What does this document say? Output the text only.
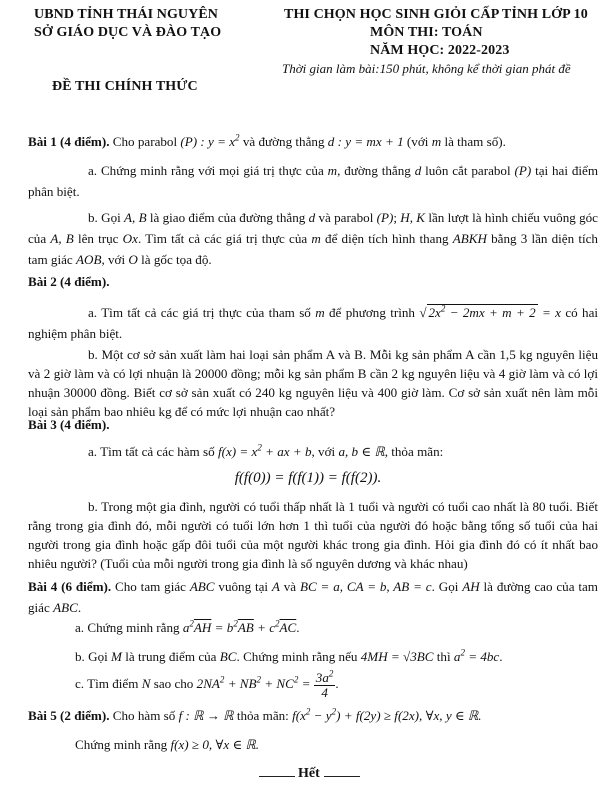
UBND TỈNH THÁI NGUYÊN
SỞ GIÁO DỤC VÀ ĐÀO TẠO
ĐỀ THI CHÍNH THỨC
THI CHỌN HỌC SINH GIỎI CẤP TỈNH LỚP 10
MÔN THI: TOÁN
NĂM HỌC: 2022-2023
Thời gian làm bài:150 phút, không kể thời gian phát đề
Bài 1 (4 điểm). Cho parabol (P) : $y = x^2$ và đường thẳng d : y = mx + 1 (với m là tham số).
a. Chứng minh rằng với mọi giá trị thực của m, đường thẳng d luôn cắt parabol (P) tại hai điểm phân biệt.
b. Gọi A, B là giao điểm của đường thẳng d và parabol (P); H, K lần lượt là hình chiếu vuông góc của A, B lên trục Ox. Tìm tất cả các giá trị thực của m để diện tích hình thang ABKH bằng 3 lần diện tích tam giác AOB, với O là gốc tọa độ.
Bài 2 (4 điểm).
a. Tìm tất cả các giá trị thực của tham số m để phương trình √ $2x^2 - 2mx + m + 2 = x$ có hai nghiệm phân biệt.
b. Một cơ sở sản xuất làm hai loại sản phẩm A và B. Mỗi kg sản phẩm A cần 1,5 kg nguyên liệu và 2 giờ làm và có lợi nhuận là 20000 đồng; mỗi kg sản phẩm B cần 2 kg nguyên liệu và 4 giờ làm và có lợi nhuận 30000 đồng. Biết cơ sở sản xuất có 240 kg nguyên liệu và 400 giờ làm. Cơ sở sản xuất nên làm mỗi loại sản phẩm bao nhiêu kg để có mức lợi nhuận cao nhất?
Bài 3 (4 điểm).
a. Tìm tất cả các hàm số $f(x) = x^2$ + ax + b, với a, b ∈ ℝ, thỏa mãn:
f(f(0)) = f(f(1)) = f(f(2)).
b. Trong một gia đình, người có tuổi thấp nhất là 1 tuổi và người có tuổi cao nhất là 80 tuổi. Biết rằng trong gia đình đó, mỗi người có tuổi lớn hơn 1 thì tuổi của người đó hoặc bằng tổng số tuổi của hai người trong gia đình hoặc gấp đôi tuổi của một người khác trong gia đình. Hỏi gia đình đó có ít nhất bao nhiêu người? (Tuổi của mỗi người trong gia đình là số nguyên dương và khác nhau)
Bài 4 (6 điểm). Cho tam giác ABC vuông tại A và BC = a, CA = b, AB = c. Gọi AH là đường cao của tam giác ABC.
a. Chứng minh rằng $a^2\overline{AH} = b^2\overline{AB} + c^2\overline{AC}$.
b. Gọi M là trung điểm của BC. Chứng minh rằng nếu 4MH = √3BC thì $a^2 = 4bc$.
c. Tìm điểm N sao cho $2NA^2 + NB^2 + NC^2 = \frac{3a^2}{4}$.
Bài 5 (2 điểm). Cho hàm số f : ℝ → ℝ thỏa mãn: $f(x^2 - y^2) + f(2y) \ge f(2x)$, ∀x, y ∈ ℝ.
Chứng minh rằng f(x) ≥ 0, ∀x ∈ ℝ.
Hết
